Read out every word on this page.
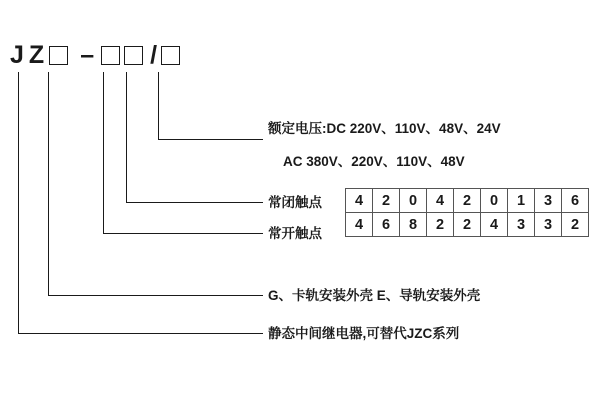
J Z – /
额定电压:DC 220V、110V、48V、24V
AC 380V、220V、110V、48V
常闭触点
常开触点
G、卡轨安装外壳 E、导轨安装外壳
静态中间继电器,可替代JZC系列
4	2	0	4	2	0	1	3	6
4	6	8	2	2	4	3	3	2
